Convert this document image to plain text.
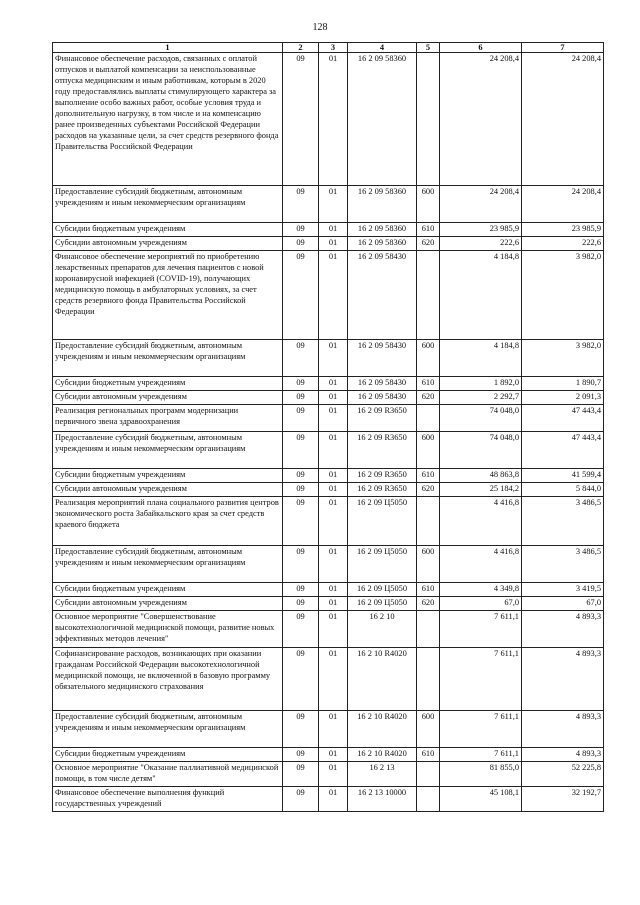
128
1	2	3	4	5	6	7

Финансовое обеспечение расходов, связанных с оплатой отпусков и выплатой компенсации за неиспользованные отпуска медицинским и иным работникам, которым в 2020 году предоставлялись выплаты стимулирующего характера за выполнение особо важных работ, особые условия труда и дополнительную нагрузку, в том числе и на компенсацию ранее произведенных субъектами Российской Федерации расходов на указанные цели, за счет средств резервного фонда Правительства Российской Федерации	09	01	16 2 09 58360		24 208,4	24 208,4

Предоставление субсидий бюджетным, автономным учреждениям и иным некоммерческим организациям	09	01	16 2 09 58360	600	24 208,4	24 208,4

Субсидии бюджетным учреждениям	09	01	16 2 09 58360	610	23 985,9	23 985,9

Субсидии автономным учреждениям	09	01	16 2 09 58360	620	222,6	222,6

Финансовое обеспечение мероприятий по приобретению лекарственных препаратов для лечения пациентов с новой коронавирусной инфекцией (COVID-19), получающих медицинскую помощь в амбулаторных условиях, за счет средств резервного фонда Правительства Российской Федерации	09	01	16 2 09 58430		4 184,8	3 982,0

Предоставление субсидий бюджетным, автономным учреждениям и иным некоммерческим организациям	09	01	16 2 09 58430	600	4 184,8	3 982,0

Субсидии бюджетным учреждениям	09	01	16 2 09 58430	610	1 892,0	1 890,7

Субсидии автономным учреждениям	09	01	16 2 09 58430	620	2 292,7	2 091,3

Реализация региональных программ модернизации первичного звена здравоохранения	09	01	16 2 09 R3650		74 048,0	47 443,4

Предоставление субсидий бюджетным, автономным учреждениям и иным некоммерческим организациям	09	01	16 2 09 R3650	600	74 048,0	47 443,4

Субсидии бюджетным учреждениям	09	01	16 2 09 R3650	610	48 863,8	41 599,4

Субсидии автономным учреждениям	09	01	16 2 09 R3650	620	25 184,2	5 844,0

Реализация мероприятий плана социального развития центров экономического роста Забайкальского края за счет средств краевого бюджета	09	01	16 2 09 Ц5050		4 416,8	3 486,5

Предоставление субсидий бюджетным, автономным учреждениям и иным некоммерческим организациям	09	01	16 2 09 Ц5050	600	4 416,8	3 486,5

Субсидии бюджетным учреждениям	09	01	16 2 09 Ц5050	610	4 349,8	3 419,5

Субсидии автономным учреждениям	09	01	16 2 09 Ц5050	620	67,0	67,0

Основное мероприятие "Совершенствование высокотехнологичной медицинской помощи, развитие новых эффективных методов лечения"	09	01	16 2 10		7 611,1	4 893,3

Софинансирование расходов, возникающих при оказании гражданам Российской Федерации высокотехнологичной медицинской помощи, не включенной в базовую программу обязательного медицинского страхования	09	01	16 2 10 R4020		7 611,1	4 893,3

Предоставление субсидий бюджетным, автономным учреждениям и иным некоммерческим организациям	09	01	16 2 10 R4020	600	7 611,1	4 893,3

Субсидии бюджетным учреждениям	09	01	16 2 10 R4020	610	7 611,1	4 893,3

Основное мероприятие "Оказание паллиативной медицинской помощи, в том числе детям"	09	01	16 2 13		81 855,0	52 225,8

Финансовое обеспечение выполнения функций государственных учреждений	09	01	16 2 13 10000		45 108,1	32 192,7
